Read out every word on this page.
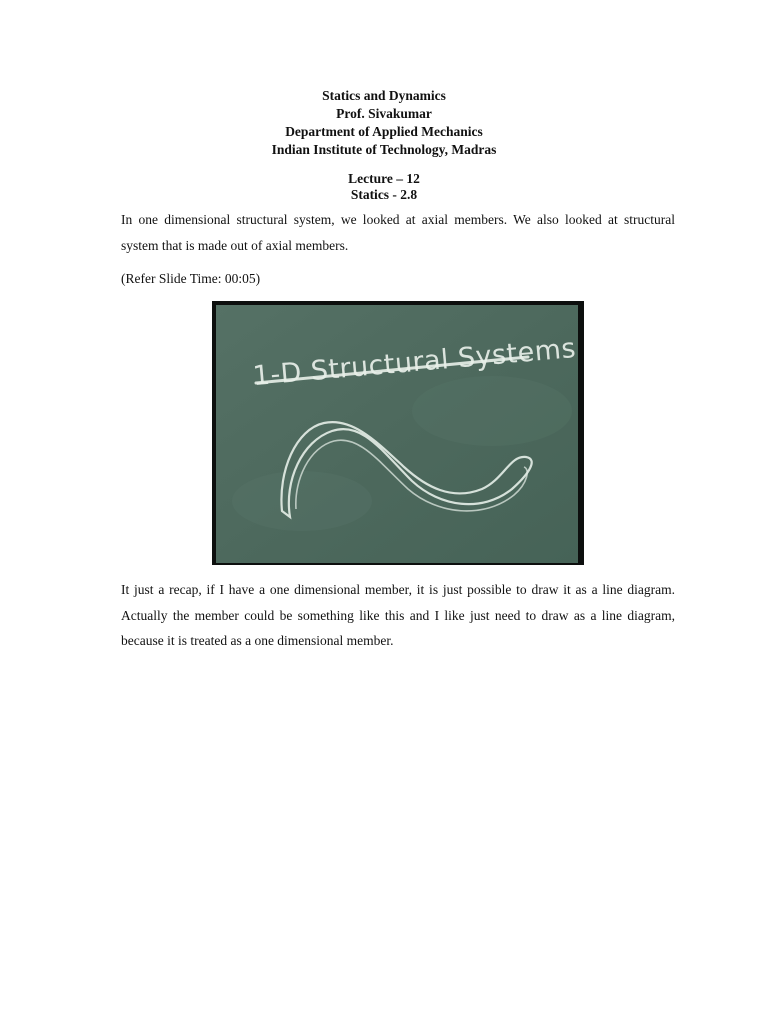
Statics and Dynamics
Prof. Sivakumar
Department of Applied Mechanics
Indian Institute of Technology, Madras
Lecture – 12
Statics - 2.8

In one dimensional structural system, we looked at axial members. We also looked at structural system that is made out of axial members.

(Refer Slide Time: 00:05)

1-D Structural Systems

It just a recap, if I have a one dimensional member, it is just possible to draw it as a line diagram. Actually the member could be something like this and I like just need to draw as a line diagram, because it is treated as a one dimensional member.
